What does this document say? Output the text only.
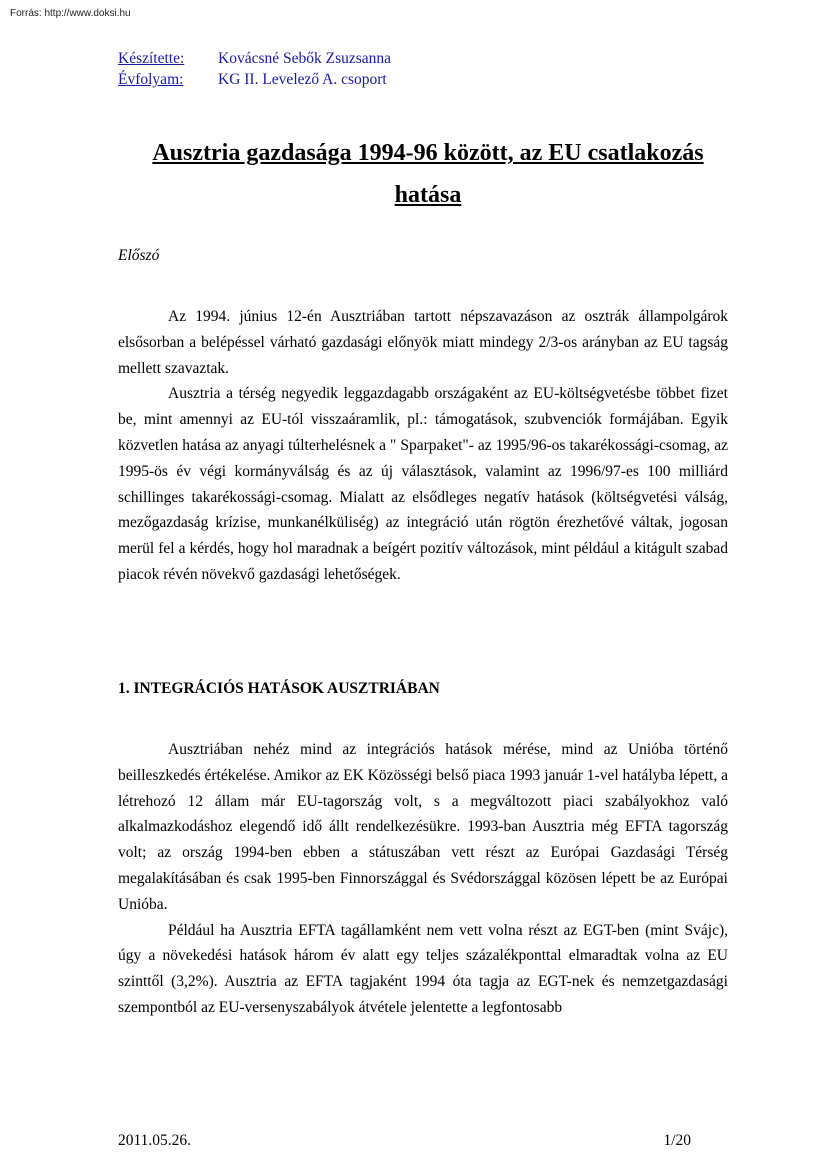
Forrás: http://www.doksi.hu
Készítette:	Kovácsné Sebők Zsuzsanna
Évfolyam:	KG II. Levelező A. csoport
Ausztria gazdasága 1994-96 között, az EU csatlakozás
hatása
Előszó

Az 1994. június 12-én Ausztriában tartott népszavazáson az osztrák állampolgárok elsősorban a belépéssel várható gazdasági előnyök miatt mindegy 2/3-os arányban az EU tagság mellett szavaztak.

Ausztria a térség negyedik leggazdagabb országaként az EU-költségvetésbe többet fizet be, mint amennyi az EU-tól visszaáramlik, pl.: támogatások, szubvenciók formájában. Egyik közvetlen hatása az anyagi túlterhelésnek a " Sparpaket"- az 1995/96-os takarékossági-csomag, az 1995-ös év végi kormányválság és az új választások, valamint az 1996/97-es 100 milliárd schillinges takarékossági-csomag. Mialatt az elsődleges negatív hatások (költségvetési válság, mezőgazdaság krízise, munkanélküliség) az integráció után rögtön érezhetővé váltak, jogosan merül fel a kérdés, hogy hol maradnak a beígért pozitív változások, mint például a kitágult szabad piacok révén növekvő gazdasági lehetőségek.

1. INTEGRÁCIÓS HATÁSOK AUSZTRIÁBAN

Ausztriában nehéz mind az integrációs hatások mérése, mind az Unióba történő beilleszkedés értékelése. Amikor az EK Közösségi belső piaca 1993 január 1-vel hatályba lépett, a létrehozó 12 állam már EU-tagország volt, s a megváltozott piaci szabályokhoz való alkalmazkodáshoz elegendő idő állt rendelkezésükre. 1993-ban Ausztria még EFTA tagország volt; az ország 1994-ben ebben a státuszában vett részt az Európai Gazdasági Térség megalakításában és csak 1995-ben Finnországgal és Svédországgal közösen lépett be az Európai Unióba.

Például ha Ausztria EFTA tagállamként nem vett volna részt az EGT-ben (mint Svájc), úgy a növekedési hatások három év alatt egy teljes százalékponttal elmaradtak volna az EU szinttől (3,2%). Ausztria az EFTA tagjaként 1994 óta tagja az EGT-nek és nemzetgazdasági szempontból az EU-versenyszabályok átvétele jelentette a legfontosabb

2011.05.26.	1/20
